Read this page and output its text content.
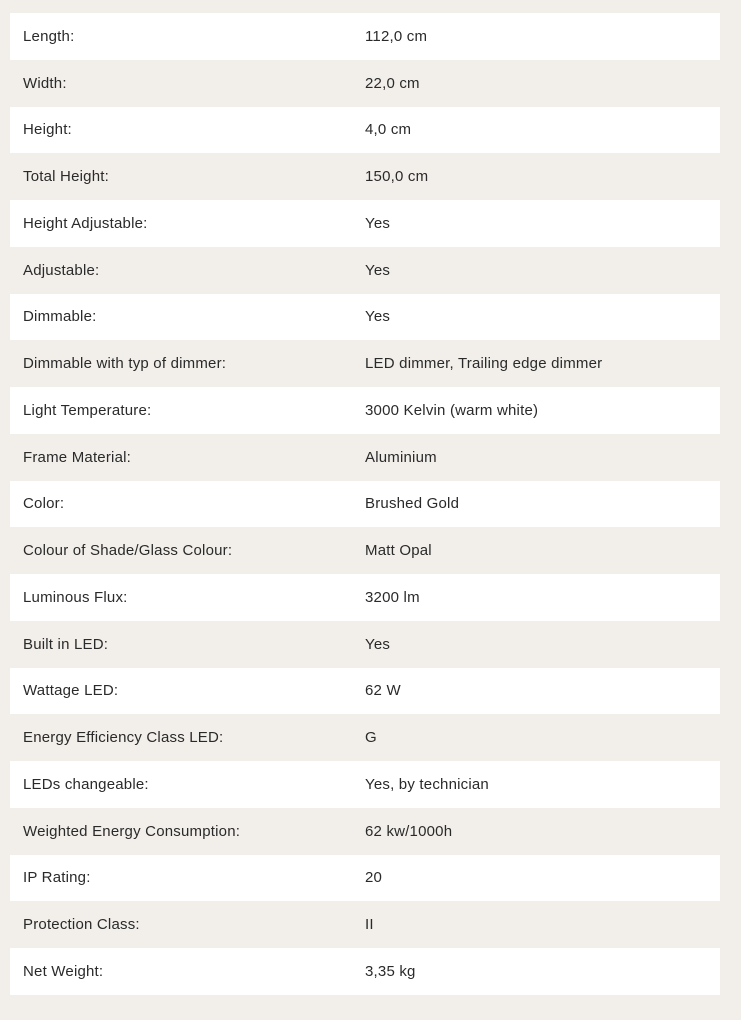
Length:	112,0 cm
Width:	22,0 cm
Height:	4,0 cm
Total Height:	150,0 cm
Height Adjustable:	Yes
Adjustable:	Yes
Dimmable:	Yes
Dimmable with typ of dimmer:	LED dimmer, Trailing edge dimmer
Light Temperature:	3000 Kelvin (warm white)
Frame Material:	Aluminium
Color:	Brushed Gold
Colour of Shade/Glass Colour:	Matt Opal
Luminous Flux:	3200 lm
Built in LED:	Yes
Wattage LED:	62 W
Energy Efficiency Class LED:	G
LEDs changeable:	Yes, by technician
Weighted Energy Consumption:	62 kw/1000h
IP Rating:	20
Protection Class:	II
Net Weight:	3,35 kg
